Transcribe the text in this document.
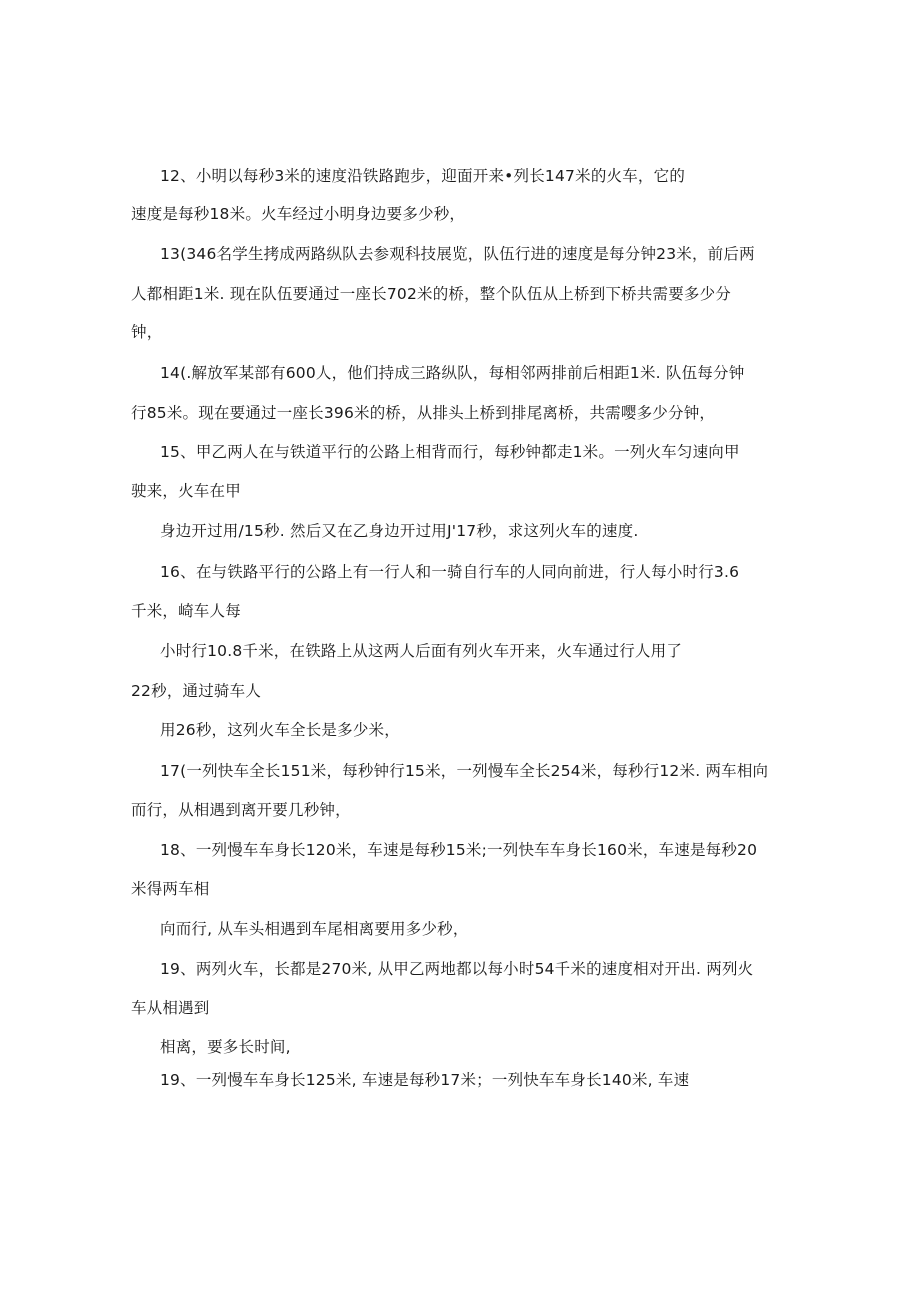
12、小明以每秒3米的速度沿铁路跑步，迎面开来•列长147米的火车，它的

速度是每秒18米。火车经过小明身边要多少秒，

13(346名学生拷成两路纵队去参观科技展览，队伍行进的速度是每分钟23米，前后两

人都相距1米. 现在队伍要通过一座长702米的桥，整个队伍从上桥到下桥共需要多少分

钟，

14(.解放军某部有600人，他们持成三路纵队，每相邻两排前后相距1米. 队伍每分钟

行85米。现在要通过一座长396米的桥，从排头上桥到排尾离桥，共需嘤多少分钟，

15、甲乙两人在与铁道平行的公路上相背而行，每秒钟都走1米。一列火车匀速向甲

驶来，火车在甲

身边开过用/15秒. 然后又在乙身边开过用J'17秒，求这列火车的速度.

16、在与铁路平行的公路上有一行人和一骑自行车的人同向前进，行人每小时行3.6

千米，崎车人每

小时行10.8千米，在铁路上从这两人后面有列火车开来，火车通过行人用了

22秒，通过骑车人

用26秒，这列火车全长是多少米，

17(一列快车全长151米，每秒钟行15米，一列慢车全长254米，每秒行12米. 两车相向

而行，从相遇到离开要几秒钟，

18、一列慢车车身长120米，车速是每秒15米;一列快车车身长160米，车速是每秒20

米得两车相

向而行, 从车头相遇到车尾相离要用多少秒，

19、两列火车，长都是270米, 从甲乙两地都以每小时54千米的速度相对开出. 两列火

车从相遇到

相离，要多长时间,

19、一列慢车车身长125米, 车速是每秒17米；一列快车车身长140米, 车速
